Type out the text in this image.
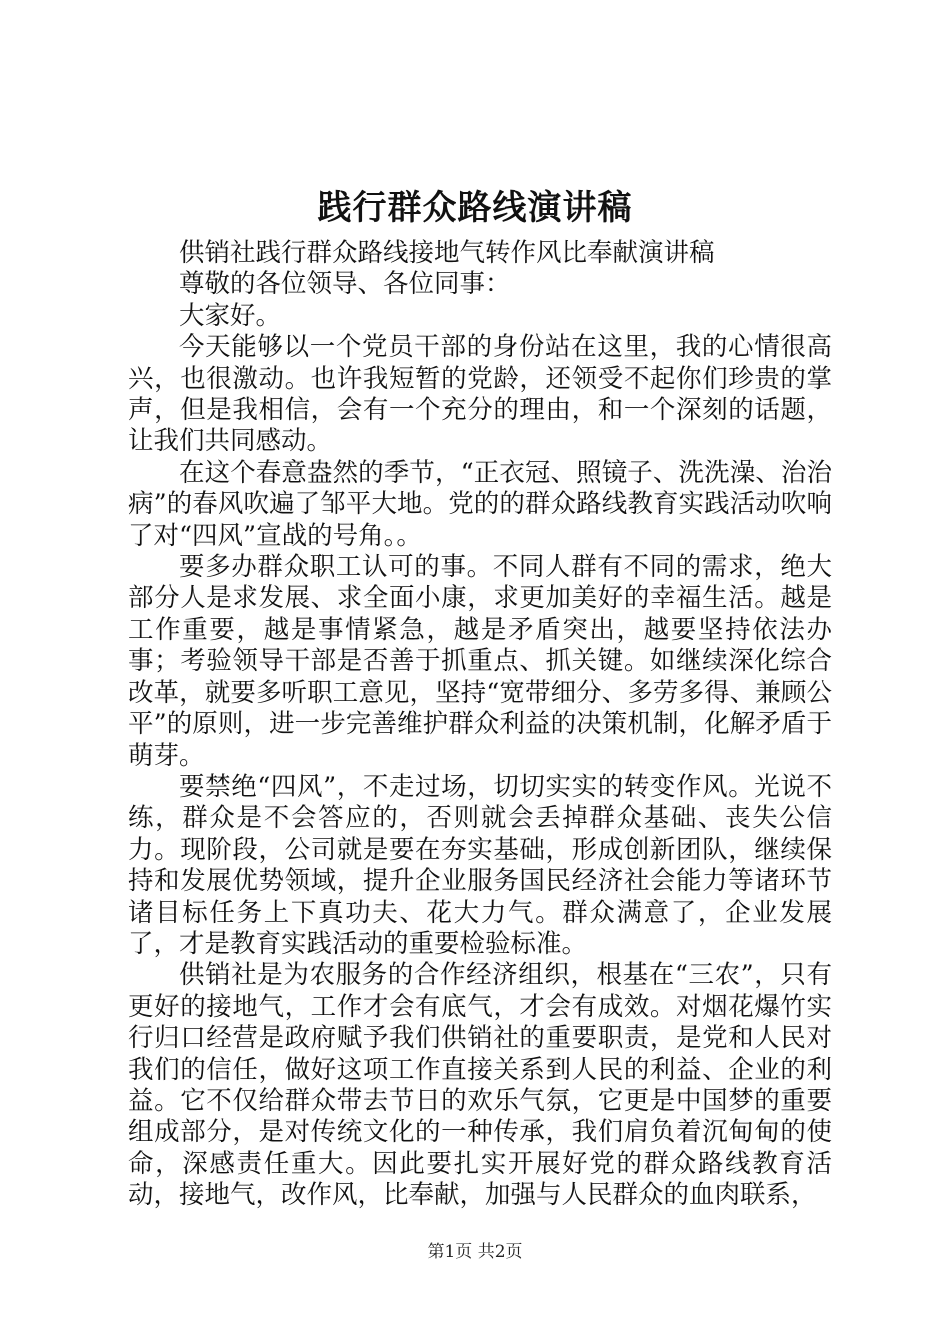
践行群众路线演讲稿

供销社践行群众路线接地气转作风比奉献演讲稿

尊敬的各位领导、各位同事：

大家好。

今天能够以一个党员干部的身份站在这里，我的心情很高兴，也很激动。也许我短暂的党龄，还领受不起你们珍贵的掌声，但是我相信，会有一个充分的理由，和一个深刻的话题，让我们共同感动。

在这个春意盎然的季节，“正衣冠、照镜子、洗洗澡、治治病”的春风吹遍了邹平大地。党的的群众路线教育实践活动吹响了对“四风”宣战的号角。。

要多办群众职工认可的事。不同人群有不同的需求，绝大部分人是求发展、求全面小康，求更加美好的幸福生活。越是工作重要，越是事情紧急，越是矛盾突出，越要坚持依法办事；考验领导干部是否善于抓重点、抓关键。如继续深化综合改革，就要多听职工意见，坚持“宽带细分、多劳多得、兼顾公平”的原则，进一步完善维护群众利益的决策机制，化解矛盾于萌芽。

要禁绝“四风”，不走过场，切切实实的转变作风。光说不练，群众是不会答应的，否则就会丢掉群众基础、丧失公信力。现阶段，公司就是要在夯实基础，形成创新团队，继续保持和发展优势领域，提升企业服务国民经济社会能力等诸环节诸目标任务上下真功夫、花大力气。群众满意了，企业发展了，才是教育实践活动的重要检验标准。

供销社是为农服务的合作经济组织，根基在“三农”，只有更好的接地气，工作才会有底气，才会有成效。对烟花爆竹实行归口经营是政府赋予我们供销社的重要职责，是党和人民对我们的信任，做好这项工作直接关系到人民的利益、企业的利益。它不仅给群众带去节日的欢乐气氛，它更是中国梦的重要组成部分，是对传统文化的一种传承，我们肩负着沉甸甸的使命，深感责任重大。因此要扎实开展好党的群众路线教育活动，接地气，改作风，比奉献，加强与人民群众的血肉联系，

第1页 共2页
